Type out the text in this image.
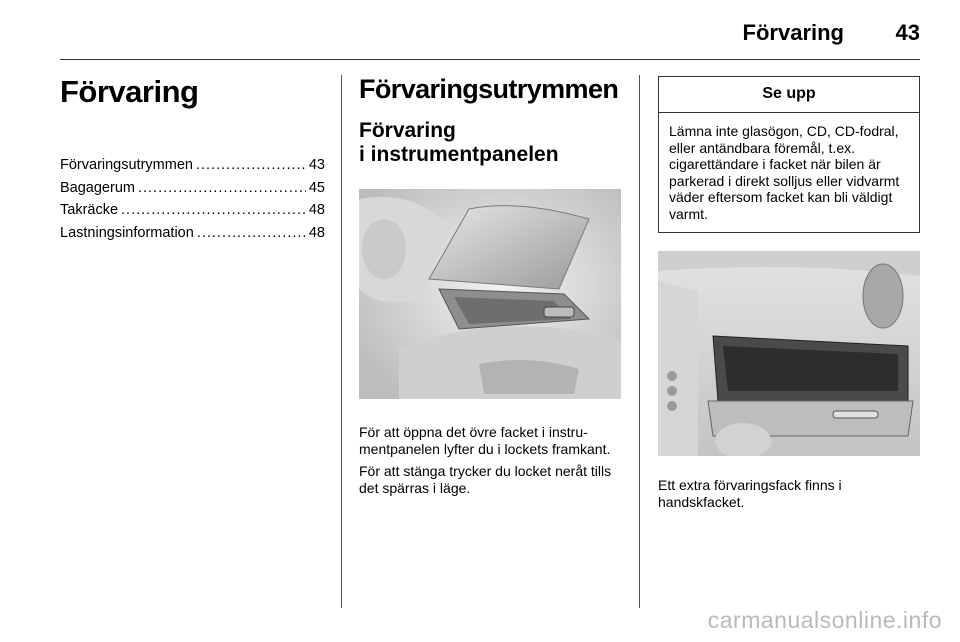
Förvaring 43
Förvaring
Förvaringsutrymmen .....	43
Bagagerum .....	45
Takräcke .....	48
Lastningsinformation .....	48
Förvaringsutrymmen
Förvaring
i instrumentpanelen

För att öppna det övre facket i instrumentpanelen lyfter du i lockets framkant.

För att stänga trycker du locket neråt tills det spärras i läge.

Se upp
Lämna inte glasögon, CD, CD-fodral, eller antändbara föremål, t.ex. cigarettändare i facket när bilen är parkerad i direkt solljus eller vidvarmt väder eftersom facket kan bli väldigt varmt.

Ett extra förvaringsfack finns i handskfacket.

carmanualsonline.info
